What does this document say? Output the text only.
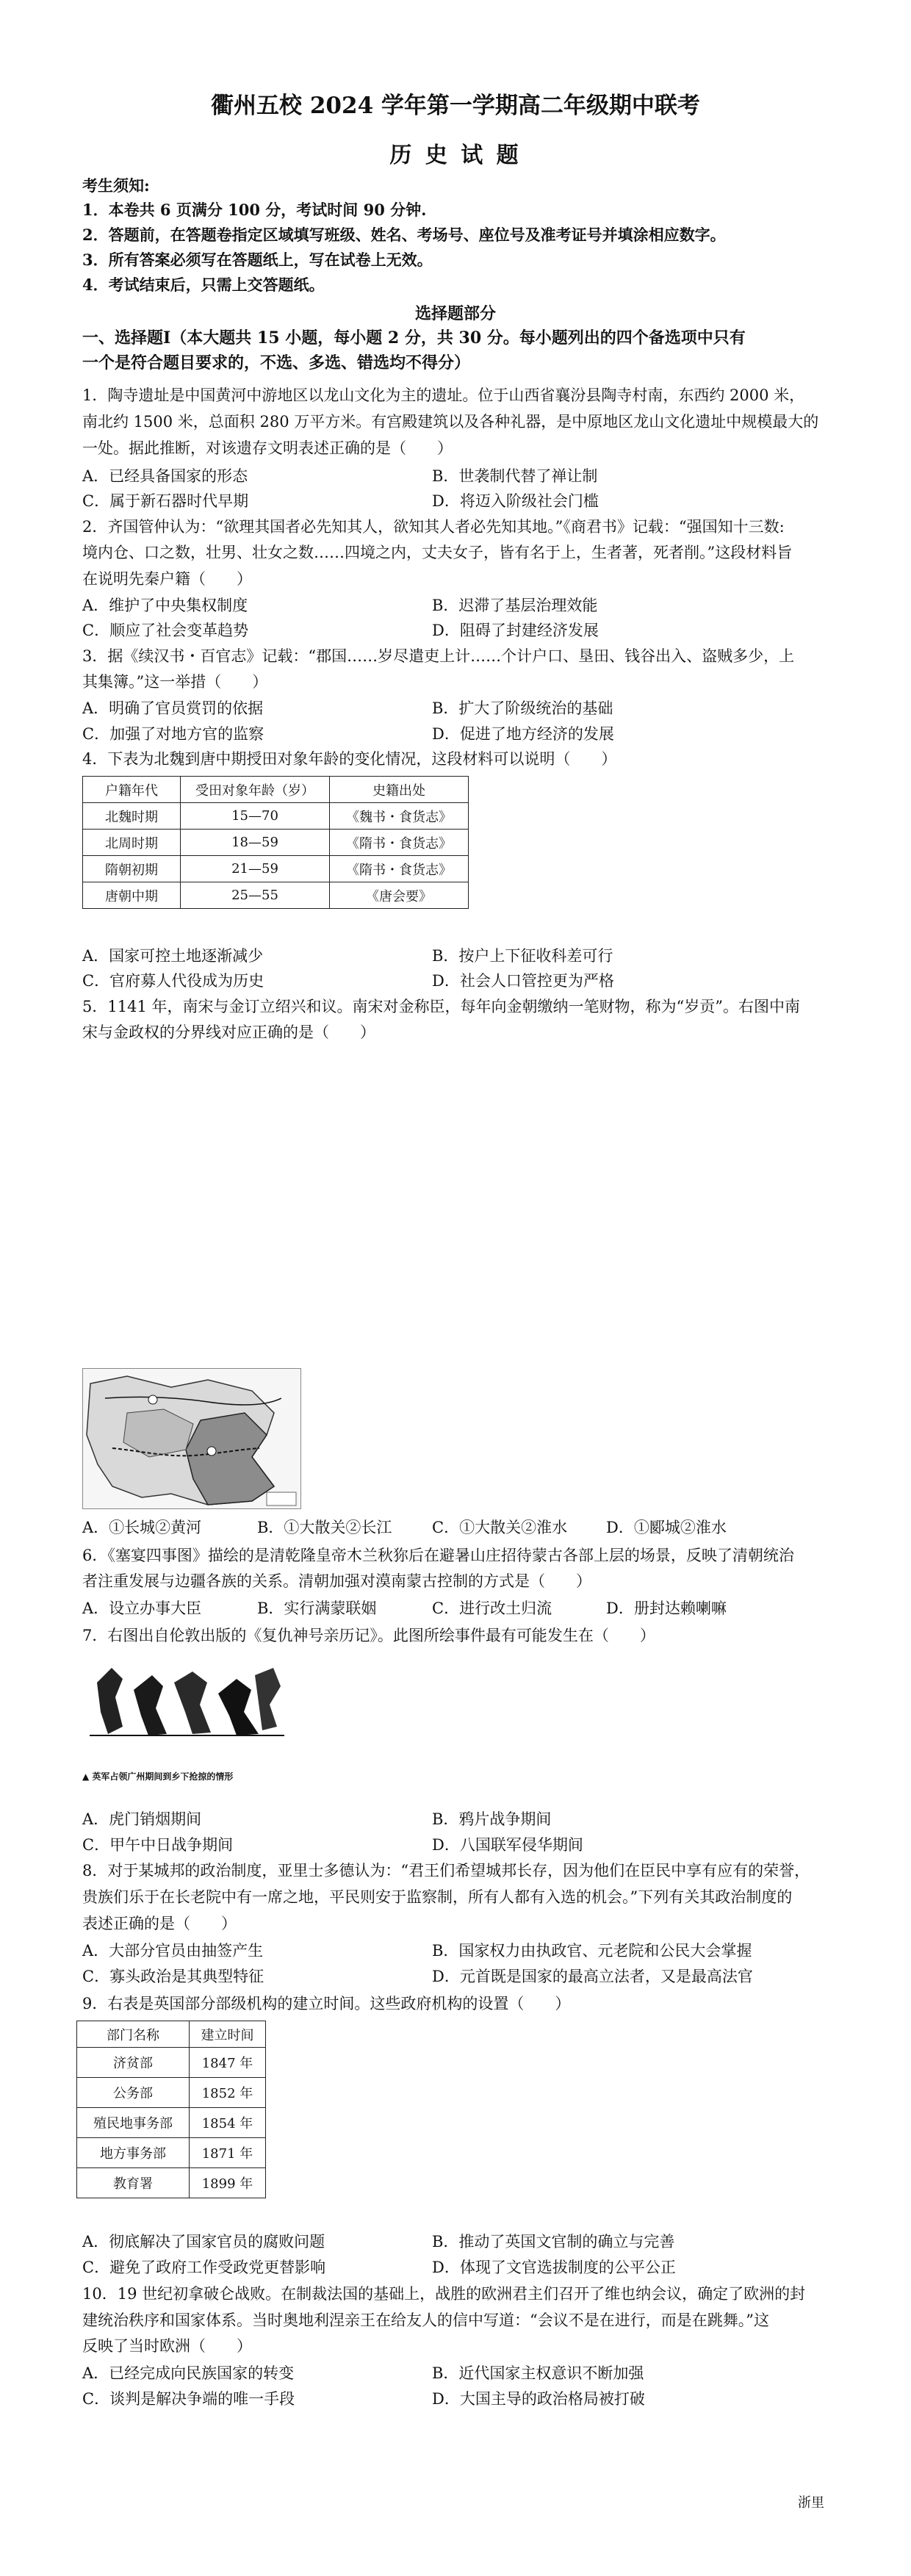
衢州五校 2024 学年第一学期高二年级期中联考
历 史 试 题
考生须知:
1．本卷共 6 页满分 100 分，考试时间 90 分钟.
2．答题前，在答题卷指定区域填写班级、姓名、考场号、座位号及准考证号并填涂相应数字。
3．所有答案必须写在答题纸上，写在试卷上无效。
4．考试结束后，只需上交答题纸。
选择题部分
一、选择题Ⅰ（本大题共 15 小题，每小题 2 分，共 30 分。每小题列出的四个备选项中只有
一个是符合题目要求的，不选、多选、错选均不得分）
1．陶寺遗址是中国黄河中游地区以龙山文化为主的遗址。位于山西省襄汾县陶寺村南，东西约 2000 米，
南北约 1500 米，总面积 280 万平方米。有宫殿建筑以及各种礼器，是中原地区龙山文化遗址中规模最大的
一处。据此推断，对该遗存文明表述正确的是（　　）
A．已经具备国家的形态	B．世袭制代替了禅让制
C．属于新石器时代早期	D．将迈入阶级社会门槛
2．齐国管仲认为：“欲理其国者必先知其人，欲知其人者必先知其地。”《商君书》记载：“强国知十三数:
境内仓、口之数，壮男、壮女之数……四境之内，丈夫女子，皆有名于上，生者著，死者削。”这段材料旨
在说明先秦户籍（　　）
A．维护了中央集权制度	B．迟滞了基层治理效能
C．顺应了社会变革趋势	D．阻碍了封建经济发展
3．据《续汉书・百官志》记载：“郡国……岁尽遣吏上计……个计户口、垦田、钱谷出入、盗贼多少，上
其集簿。”这一举措（　　）
A．明确了官员赏罚的依据	B．扩大了阶级统治的基础
C．加强了对地方官的监察	D．促进了地方经济的发展
4．下表为北魏到唐中期授田对象年龄的变化情况，这段材料可以说明（　　）
户籍年代	受田对象年龄（岁）	史籍出处
北魏时期	15—70	《魏书・食货志》
北周时期	18—59	《隋书・食货志》
隋朝初期	21—59	《隋书・食货志》
唐朝中期	25—55	《唐会要》
A．国家可控土地逐渐减少	B．按户上下征收科差可行
C．官府募人代役成为历史	D．社会人口管控更为严格
5．1141 年，南宋与金订立绍兴和议。南宋对金称臣，每年向金朝缴纳一笔财物，称为“岁贡”。右图中南
宋与金政权的分界线对应正确的是（　　）
A．①长城②黄河	B．①大散关②长江	C．①大散关②淮水	D．①郾城②淮水
6．《塞宴四事图》描绘的是清乾隆皇帝木兰秋狝后在避暑山庄招待蒙古各部上层的场景，反映了清朝统治
者注重发展与边疆各族的关系。清朝加强对漠南蒙古控制的方式是（　　）
A．设立办事大臣	B．实行满蒙联姻	C．进行改土归流	D．册封达赖喇嘛
7．右图出自伦敦出版的《复仇神号亲历记》。此图所绘事件最有可能发生在（　　）
▲ 英军占领广州期间到乡下抢掠的情形
A．虎门销烟期间	B．鸦片战争期间
C．甲午中日战争期间	D．八国联军侵华期间
8．对于某城邦的政治制度，亚里士多德认为：“君王们希望城邦长存，因为他们在臣民中享有应有的荣誉，
贵族们乐于在长老院中有一席之地，平民则安于监察制，所有人都有入选的机会。”下列有关其政治制度的
表述正确的是（　　）
A．大部分官员由抽签产生	B．国家权力由执政官、元老院和公民大会掌握
C．寡头政治是其典型特征	D．元首既是国家的最高立法者，又是最高法官
9．右表是英国部分部级机构的建立时间。这些政府机构的设置（　　）
部门名称	建立时间
济贫部	1847 年
公务部	1852 年
殖民地事务部	1854 年
地方事务部	1871 年
教育署	1899 年
A．彻底解决了国家官员的腐败问题	B．推动了英国文官制的确立与完善
C．避免了政府工作受政党更替影响	D．体现了文官选拔制度的公平公正
10．19 世纪初拿破仑战败。在制裁法国的基础上，战胜的欧洲君主们召开了维也纳会议，确定了欧洲的封
建统治秩序和国家体系。当时奥地利涅亲王在给友人的信中写道：“会议不是在进行，而是在跳舞。”这
反映了当时欧洲（　　）
A．已经完成向民族国家的转变	B．近代国家主权意识不断加强
C．谈判是解决争端的唯一手段	D．大国主导的政治格局被打破
浙里
